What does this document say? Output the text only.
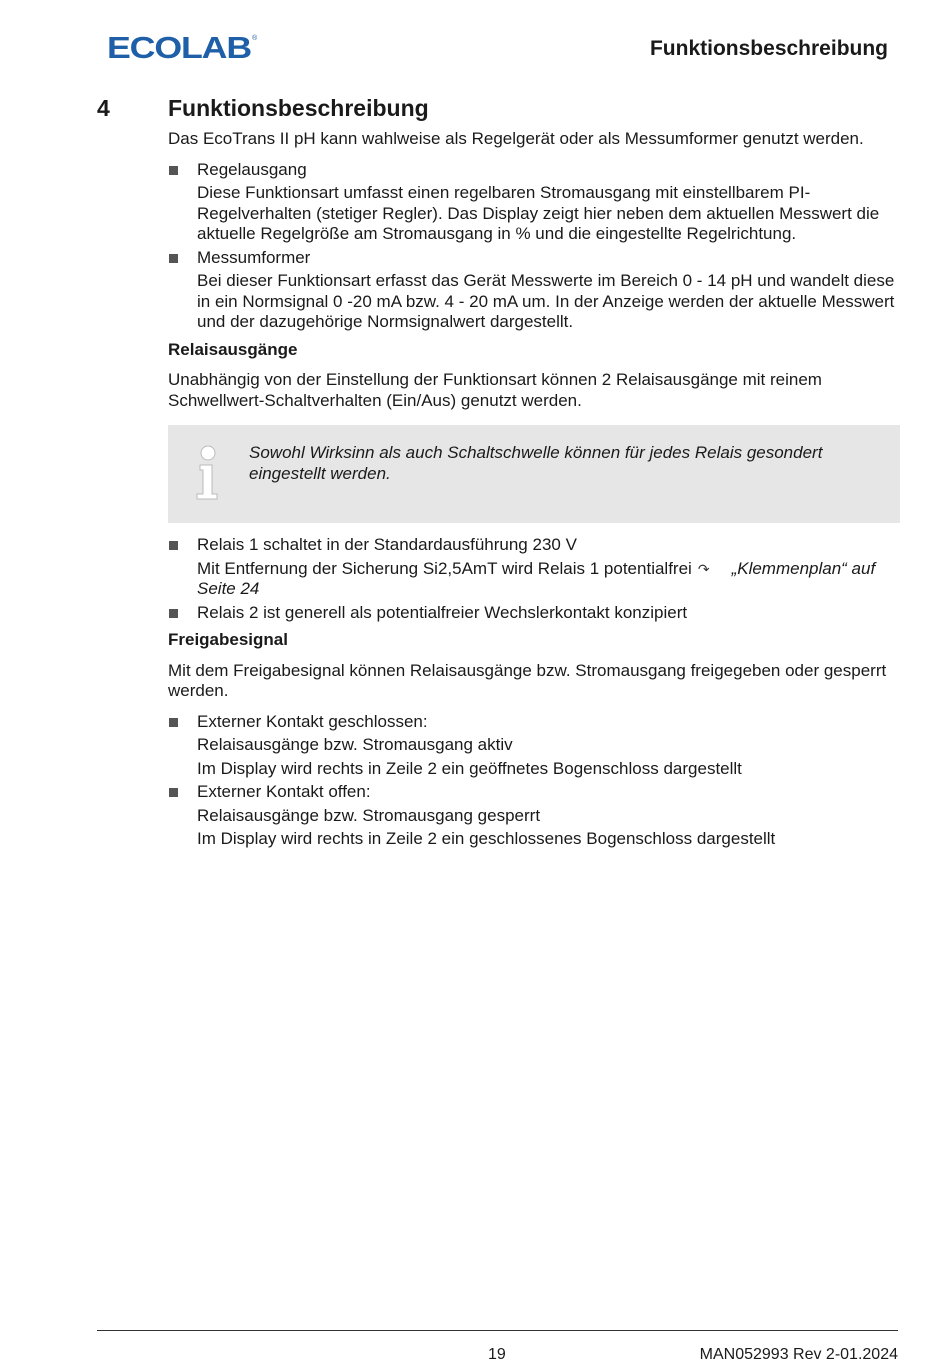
ECOLAB ®	Funktionsbeschreibung
4	Funktionsbeschreibung

Das EcoTrans II pH kann wahlweise als Regelgerät oder als Messumformer genutzt werden.

Regelausgang
Diese Funktionsart umfasst einen regelbaren Stromausgang mit einstellbarem PI-Regelverhalten (stetiger Regler). Das Display zeigt hier neben dem aktuellen Messwert die aktuelle Regelgröße am Stromausgang in % und die eingestellte Regelrichtung.
Messumformer
Bei dieser Funktionsart erfasst das Gerät Messwerte im Bereich 0 - 14 pH und wandelt diese in ein Normsignal 0 -20 mA bzw. 4 - 20 mA um. In der Anzeige werden der aktuelle Messwert und der dazugehörige Normsignalwert dargestellt.
Relaisausgänge

Unabhängig von der Einstellung der Funktionsart können 2 Relaisausgänge mit reinem Schwellwert-Schaltverhalten (Ein/Aus) genutzt werden.

Sowohl Wirksinn als auch Schaltschwelle können für jedes Relais gesondert eingestellt werden.
Relais 1 schaltet in der Standardausführung 230 V
Mit Entfernung der Sicherung Si2,5AmT wird Relais 1 potentialfrei ↷ „Klemmenplan“ auf Seite 24
Relais 2 ist generell als potentialfreier Wechslerkontakt konzipiert
Freigabesignal

Mit dem Freigabesignal können Relaisausgänge bzw. Stromausgang freigegeben oder gesperrt werden.

Externer Kontakt geschlossen:
Relaisausgänge bzw. Stromausgang aktiv
Im Display wird rechts in Zeile 2 ein geöffnetes Bogenschloss dargestellt
Externer Kontakt offen:
Relaisausgänge bzw. Stromausgang gesperrt
Im Display wird rechts in Zeile 2 ein geschlossenes Bogenschloss dargestellt
19	MAN052993 Rev 2-01.2024
